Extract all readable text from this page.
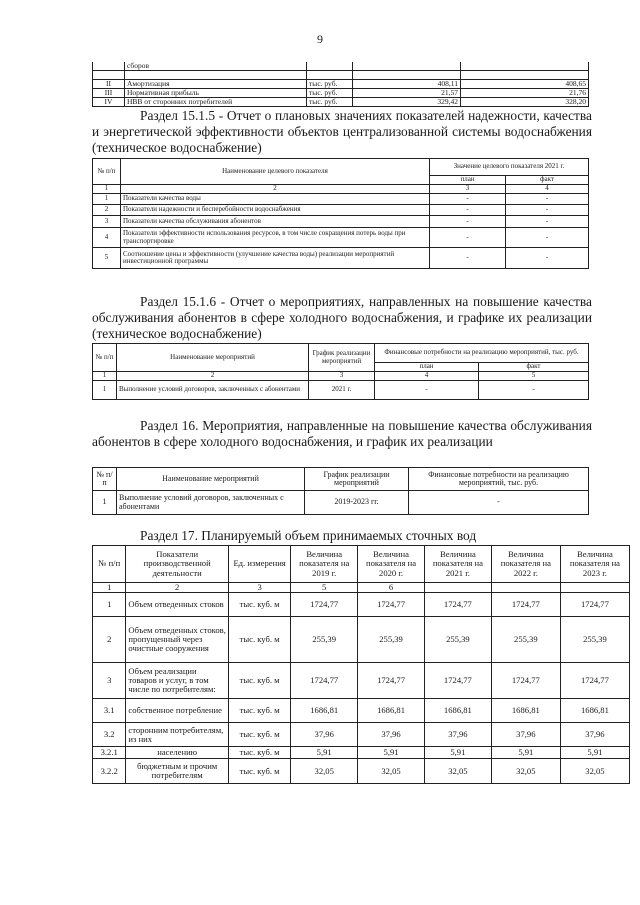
9
	сборов			

II	Амортизация	тыс. руб.	408,11	408,65
III	Нормативная прибыль	тыс. руб.	21,57	21,76
IV	НВВ от сторонних потребителей	тыс. руб.	329,42	328,20

Раздел 15.1.5 - Отчет о плановых значениях показателей надежности, качества и энергетической эффективности объектов централизованной системы водоснабжения (техническое водоснабжение)

№ п/п	Наименование целевого показателя	Значение целевого показателя 2021 г.	
		план	факт
1	2	3	4
1	Показатели качества воды	-	-
2	Показатели надежности и бесперебойности водоснабжения	-	-
3	Показатели качества обслуживания абонентов	-	-
4	Показатели эффективности использования ресурсов, в том числе сокращения потерь воды при транспортировке	-	-
5	Соотношение цены и эффективности (улучшение качества воды) реализации мероприятий инвестиционной программы	-	-

Раздел 15.1.6 - Отчет о мероприятиях, направленных на повышение качества обслуживания абонентов в сфере холодного водоснабжения, и графике их реализации (техническое водоснабжение)

№ п/п	Наименование мероприятий	График реализации мероприятий	Финансовые потребности на реализацию мероприятий, тыс. руб.	
			план	факт
1	2	3	4	5
1	Выполнение условий договоров, заключенных с абонентами	2021 г.	-	-

Раздел 16. Мероприятия, направленные на повышение качества обслуживания абонентов в сфере холодного водоснабжения, и график их реализации

№ п/п	Наименование мероприятий	График реализации мероприятий	Финансовые потребности на реализацию мероприятий, тыс. руб.
1	Выполнение условий договоров, заключенных с абонентами	2019-2023 гг.	-

Раздел 17. Планируемый объем принимаемых сточных вод

№ п/п	Показатели производственной деятельности	Ед. измерения	Величина показателя на 2019 г.	Величина показателя на 2020 г.	Величина показателя на 2021 г.	Величина показателя на 2022 г.	Величина показателя на 2023 г.
1	2	3	5	6			
1	Объем отведенных стоков	тыс. куб. м	1724,77	1724,77	1724,77	1724,77	1724,77
2	Объем отведенных стоков, пропущенный через очистные сооружения	тыс. куб. м	255,39	255,39	255,39	255,39	255,39
3	Объем реализации товаров и услуг, в том числе по потребителям:	тыс. куб. м	1724,77	1724,77	1724,77	1724,77	1724,77
3.1	собственное потребление	тыс. куб. м	1686,81	1686,81	1686,81	1686,81	1686,81
3.2	сторонним потребителям, из них	тыс. куб. м	37,96	37,96	37,96	37,96	37,96
3.2.1	населению	тыс. куб. м	5,91	5,91	5,91	5,91	5,91
3.2.2	бюджетным и прочим потребителям	тыс. куб. м	32,05	32,05	32,05	32,05	32,05
